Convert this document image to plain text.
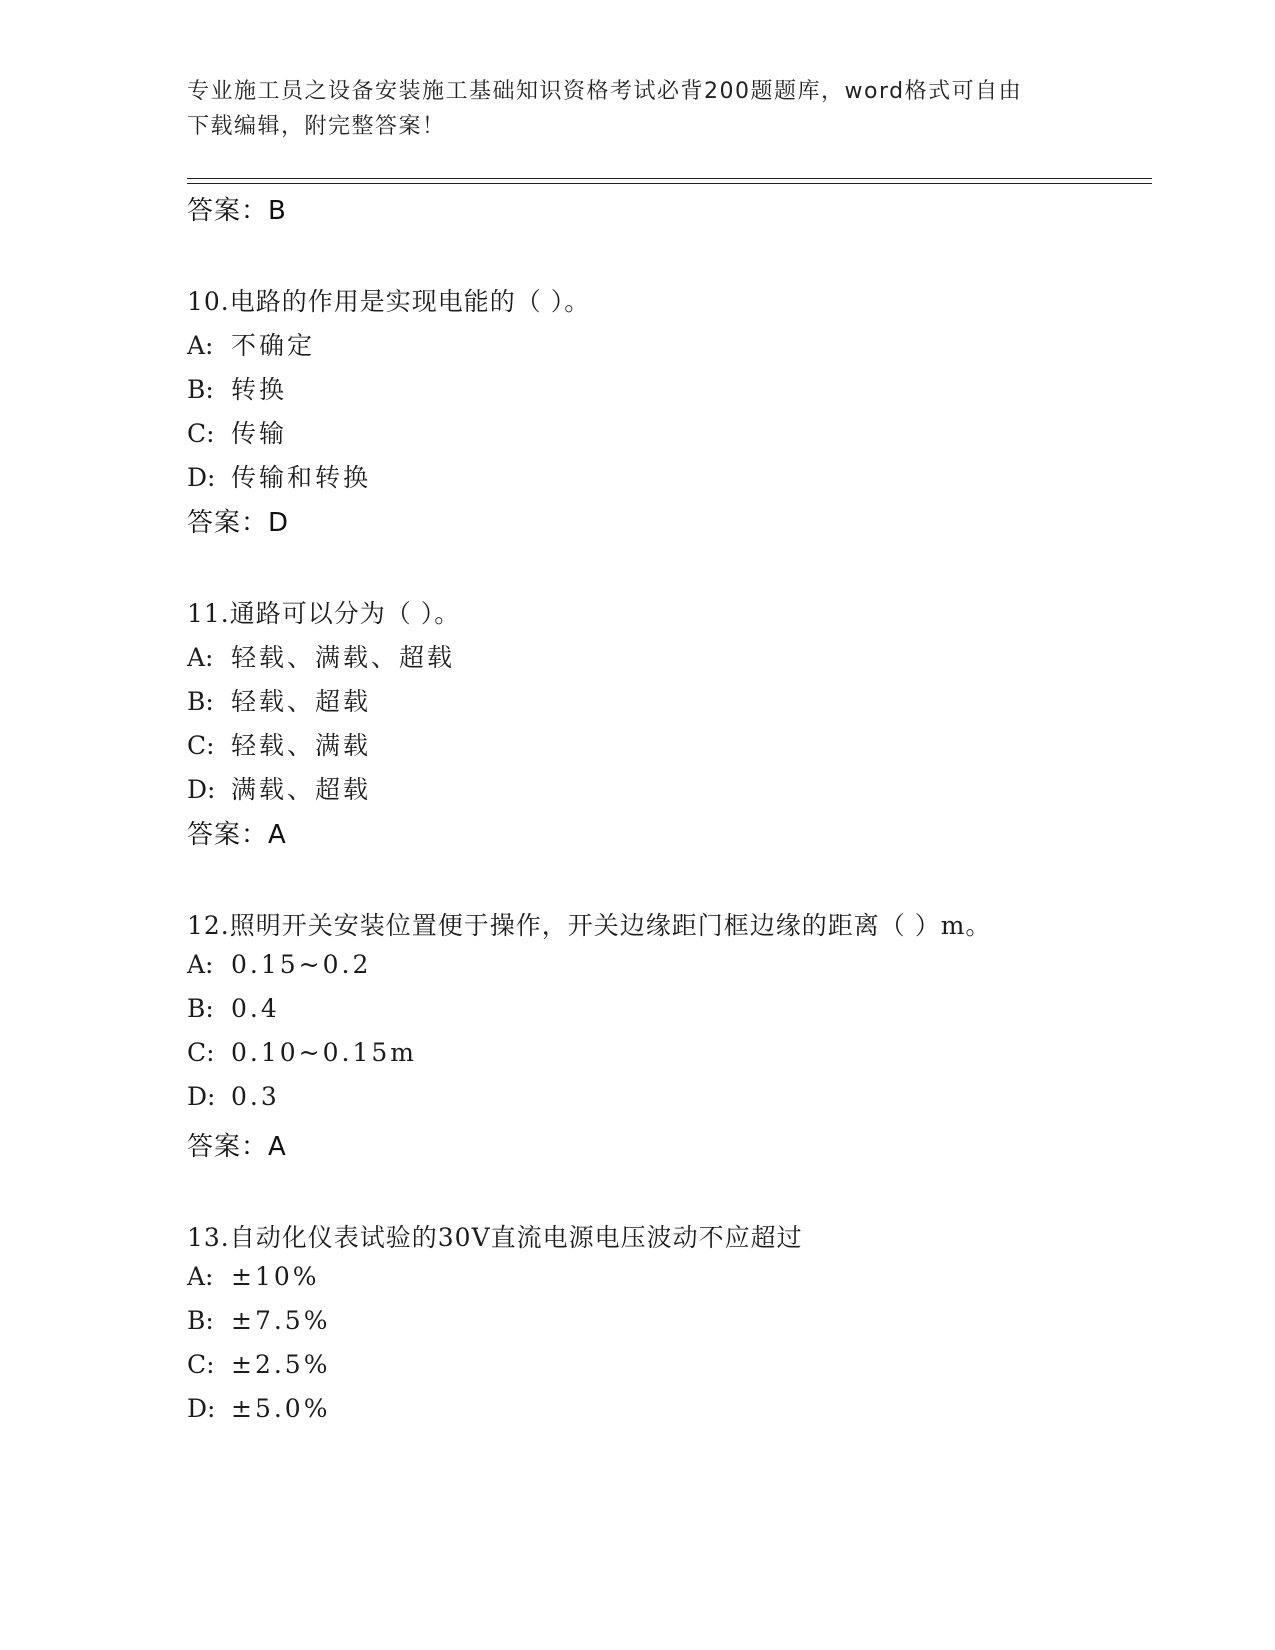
专业施工员之设备安装施工基础知识资格考试必背200题题库，word格式可自由
下载编辑，附完整答案！
答案：B
10.电路的作用是实现电能的（ ）。
A: 不确定
B: 转换
C: 传输
D: 传输和转换
答案：D
11.通路可以分为（ ）。
A: 轻载、满载、超载
B: 轻载、超载
C: 轻载、满载
D: 满载、超载
答案：A
12.照明开关安装位置便于操作，开关边缘距门框边缘的距离（ ）m。
A: 0.15~0.2
B: 0.4
C: 0.10~0.15m
D: 0.3
答案：A
13.自动化仪表试验的30V直流电源电压波动不应超过
A: ±10%
B: ±7.5%
C: ±2.5%
D: ±5.0%
